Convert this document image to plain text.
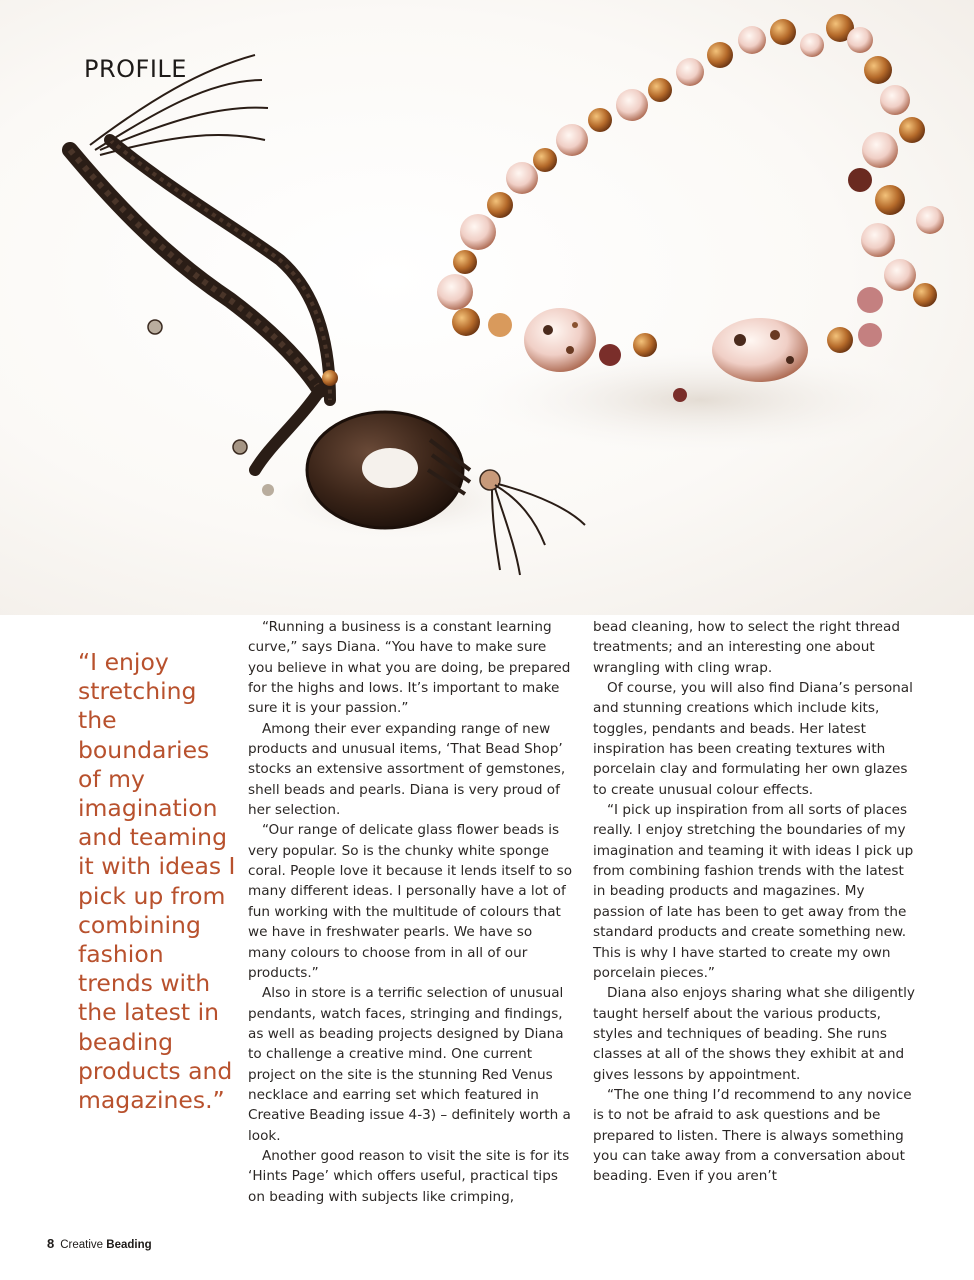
PROFILE
“I enjoy stretching the boundaries of my imagination and teaming it with ideas I pick up from combining fashion trends with the latest in beading products and magazines.”

“Running a business is a constant learning curve,” says Diana. “You have to make sure you believe in what you are doing, be prepared for the highs and lows. It’s important to make sure it is your passion.”

Among their ever expanding range of new products and unusual items, ‘That Bead Shop’ stocks an extensive assortment of gemstones, shell beads and pearls. Diana is very proud of her selection.

“Our range of delicate glass flower beads is very popular. So is the chunky white sponge coral. People love it because it lends itself to so many different ideas. I personally have a lot of fun working with the multitude of colours that we have in freshwater pearls. We have so many colours to choose from in all of our products.”

Also in store is a terrific selection of unusual pendants, watch faces, stringing and findings, as well as beading projects designed by Diana to challenge a creative mind. One current project on the site is the stunning Red Venus necklace and earring set which featured in Creative Beading issue 4-3) – definitely worth a look.

Another good reason to visit the site is for its ‘Hints Page’ which offers useful, practical tips on beading with subjects like crimping,

bead cleaning, how to select the right thread treatments; and an interesting one about wrangling with cling wrap.

Of course, you will also find Diana’s personal and stunning creations which include kits, toggles, pendants and beads. Her latest inspiration has been creating textures with porcelain clay and formulating her own glazes to create unusual colour effects.

“I pick up inspiration from all sorts of places really. I enjoy stretching the boundaries of my imagination and teaming it with ideas I pick up from combining fashion trends with the latest in beading products and magazines. My passion of late has been to get away from the standard products and create something new. This is why I have started to create my own porcelain pieces.”

Diana also enjoys sharing what she diligently taught herself about the various products, styles and techniques of beading. She runs classes at all of the shows they exhibit at and gives lessons by appointment.

“The one thing I’d recommend to any novice is to not be afraid to ask questions and be prepared to listen. There is always something you can take away from a conversation about beading. Even if you aren’t

8 Creative Beading
